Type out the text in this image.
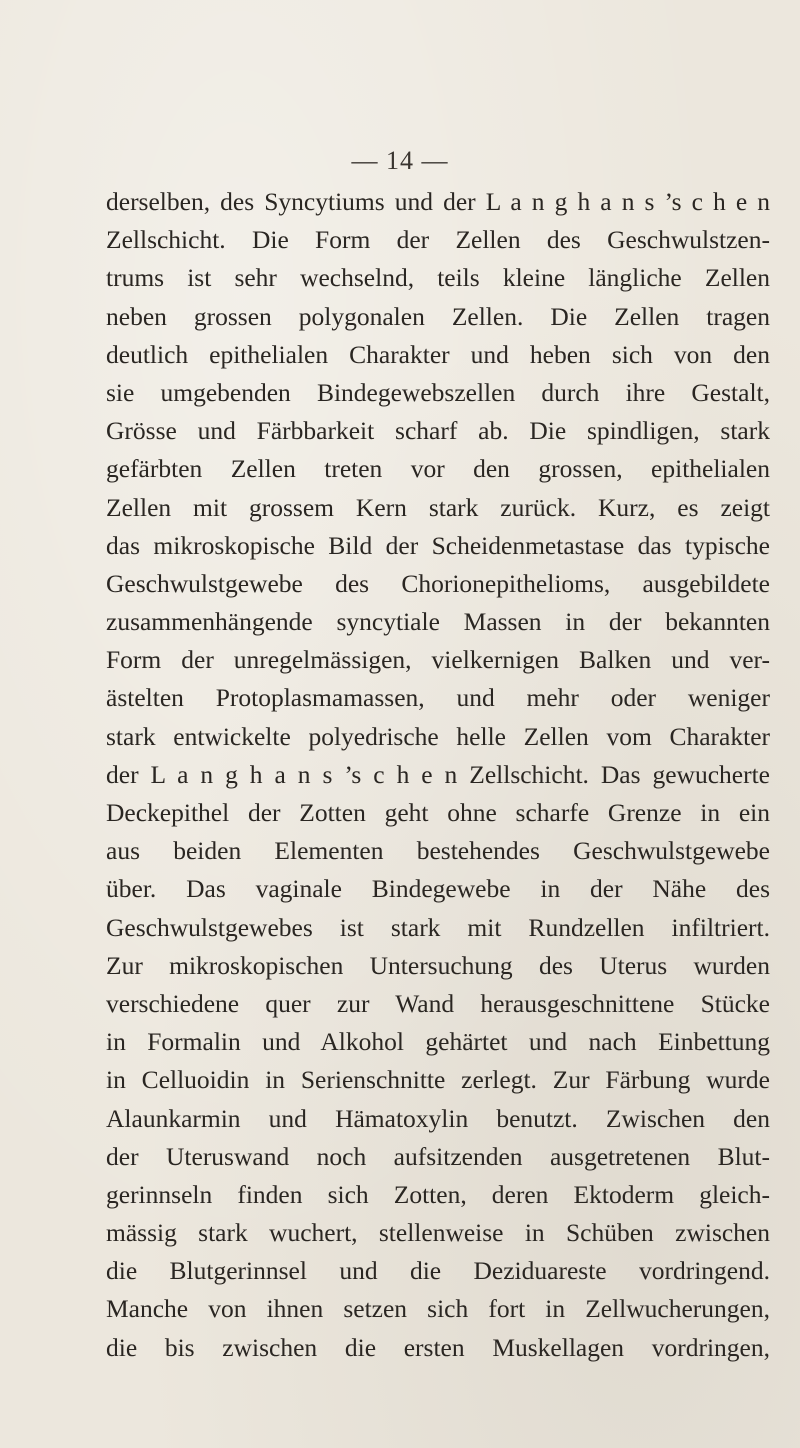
— 14 —
derselben, des Syncytiums und der L a n g h a n s ’s c h e n
Zellschicht. Die Form der Zellen des Geschwulstzen-
trums ist sehr wechselnd, teils kleine längliche Zellen
neben grossen polygonalen Zellen. Die Zellen tragen
deutlich epithelialen Charakter und heben sich von den
sie umgebenden Bindegewebszellen durch ihre Gestalt,
Grösse und Färbbarkeit scharf ab. Die spindligen, stark
gefärbten Zellen treten vor den grossen, epithelialen
Zellen mit grossem Kern stark zurück. Kurz, es zeigt
das mikroskopische Bild der Scheidenmetastase das typische
Geschwulstgewebe des Chorionepithelioms, ausgebildete
zusammenhängende syncytiale Massen in der bekannten
Form der unregelmässigen, vielkernigen Balken und ver-
ästelten Protoplasmamassen, und mehr oder weniger
stark entwickelte polyedrische helle Zellen vom Charakter
der L a n g h a n s ’s c h e n Zellschicht. Das gewucherte
Deckepithel der Zotten geht ohne scharfe Grenze in ein
aus beiden Elementen bestehendes Geschwulstgewebe
über. Das vaginale Bindegewebe in der Nähe des
Geschwulstgewebes ist stark mit Rundzellen infiltriert.
Zur mikroskopischen Untersuchung des Uterus wurden
verschiedene quer zur Wand herausgeschnittene Stücke
in Formalin und Alkohol gehärtet und nach Einbettung
in Celluoidin in Serienschnitte zerlegt. Zur Färbung wurde
Alaunkarmin und Hämatoxylin benutzt. Zwischen den
der Uteruswand noch aufsitzenden ausgetretenen Blut-
gerinnseln finden sich Zotten, deren Ektoderm gleich-
mässig stark wuchert, stellenweise in Schüben zwischen
die Blutgerinnsel und die Deziduareste vordringend.
Manche von ihnen setzen sich fort in Zellwucherungen,
die bis zwischen die ersten Muskellagen vordringen,
